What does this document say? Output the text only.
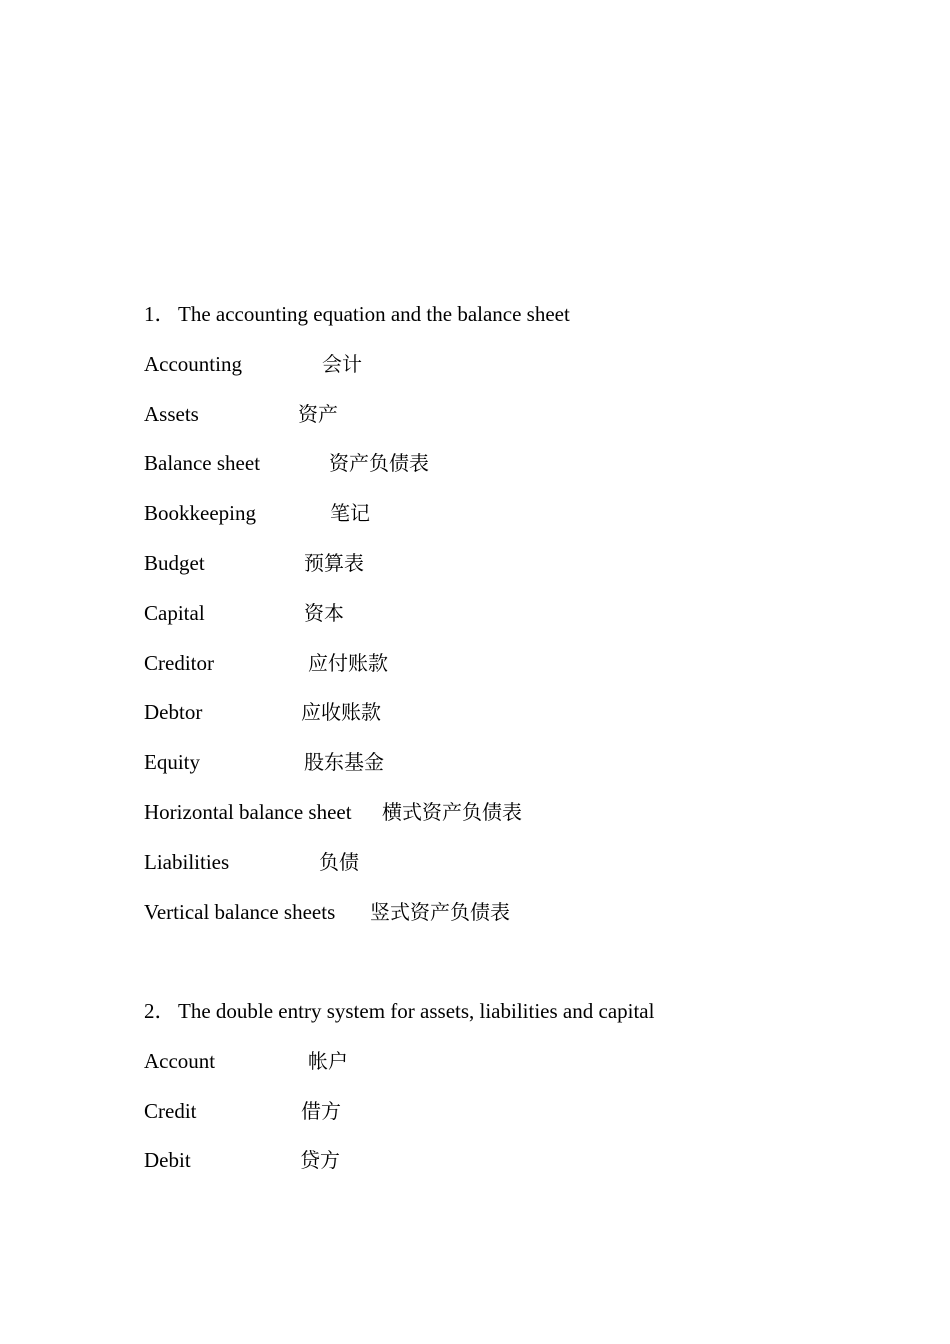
1． The accounting equation and the balance sheet
Accounting	会计
Assets	资产
Balance sheet	资产负债表
Bookkeeping	笔记
Budget	预算表
Capital	资本
Creditor	应付账款
Debtor	应收账款
Equity	股东基金
Horizontal balance sheet 横式资产负债表
Liabilities	负债
Vertical balance sheets 竖式资产负债表
2． The double entry system for assets, liabilities and capital
Account	帐户
Credit	借方
Debit	贷方
